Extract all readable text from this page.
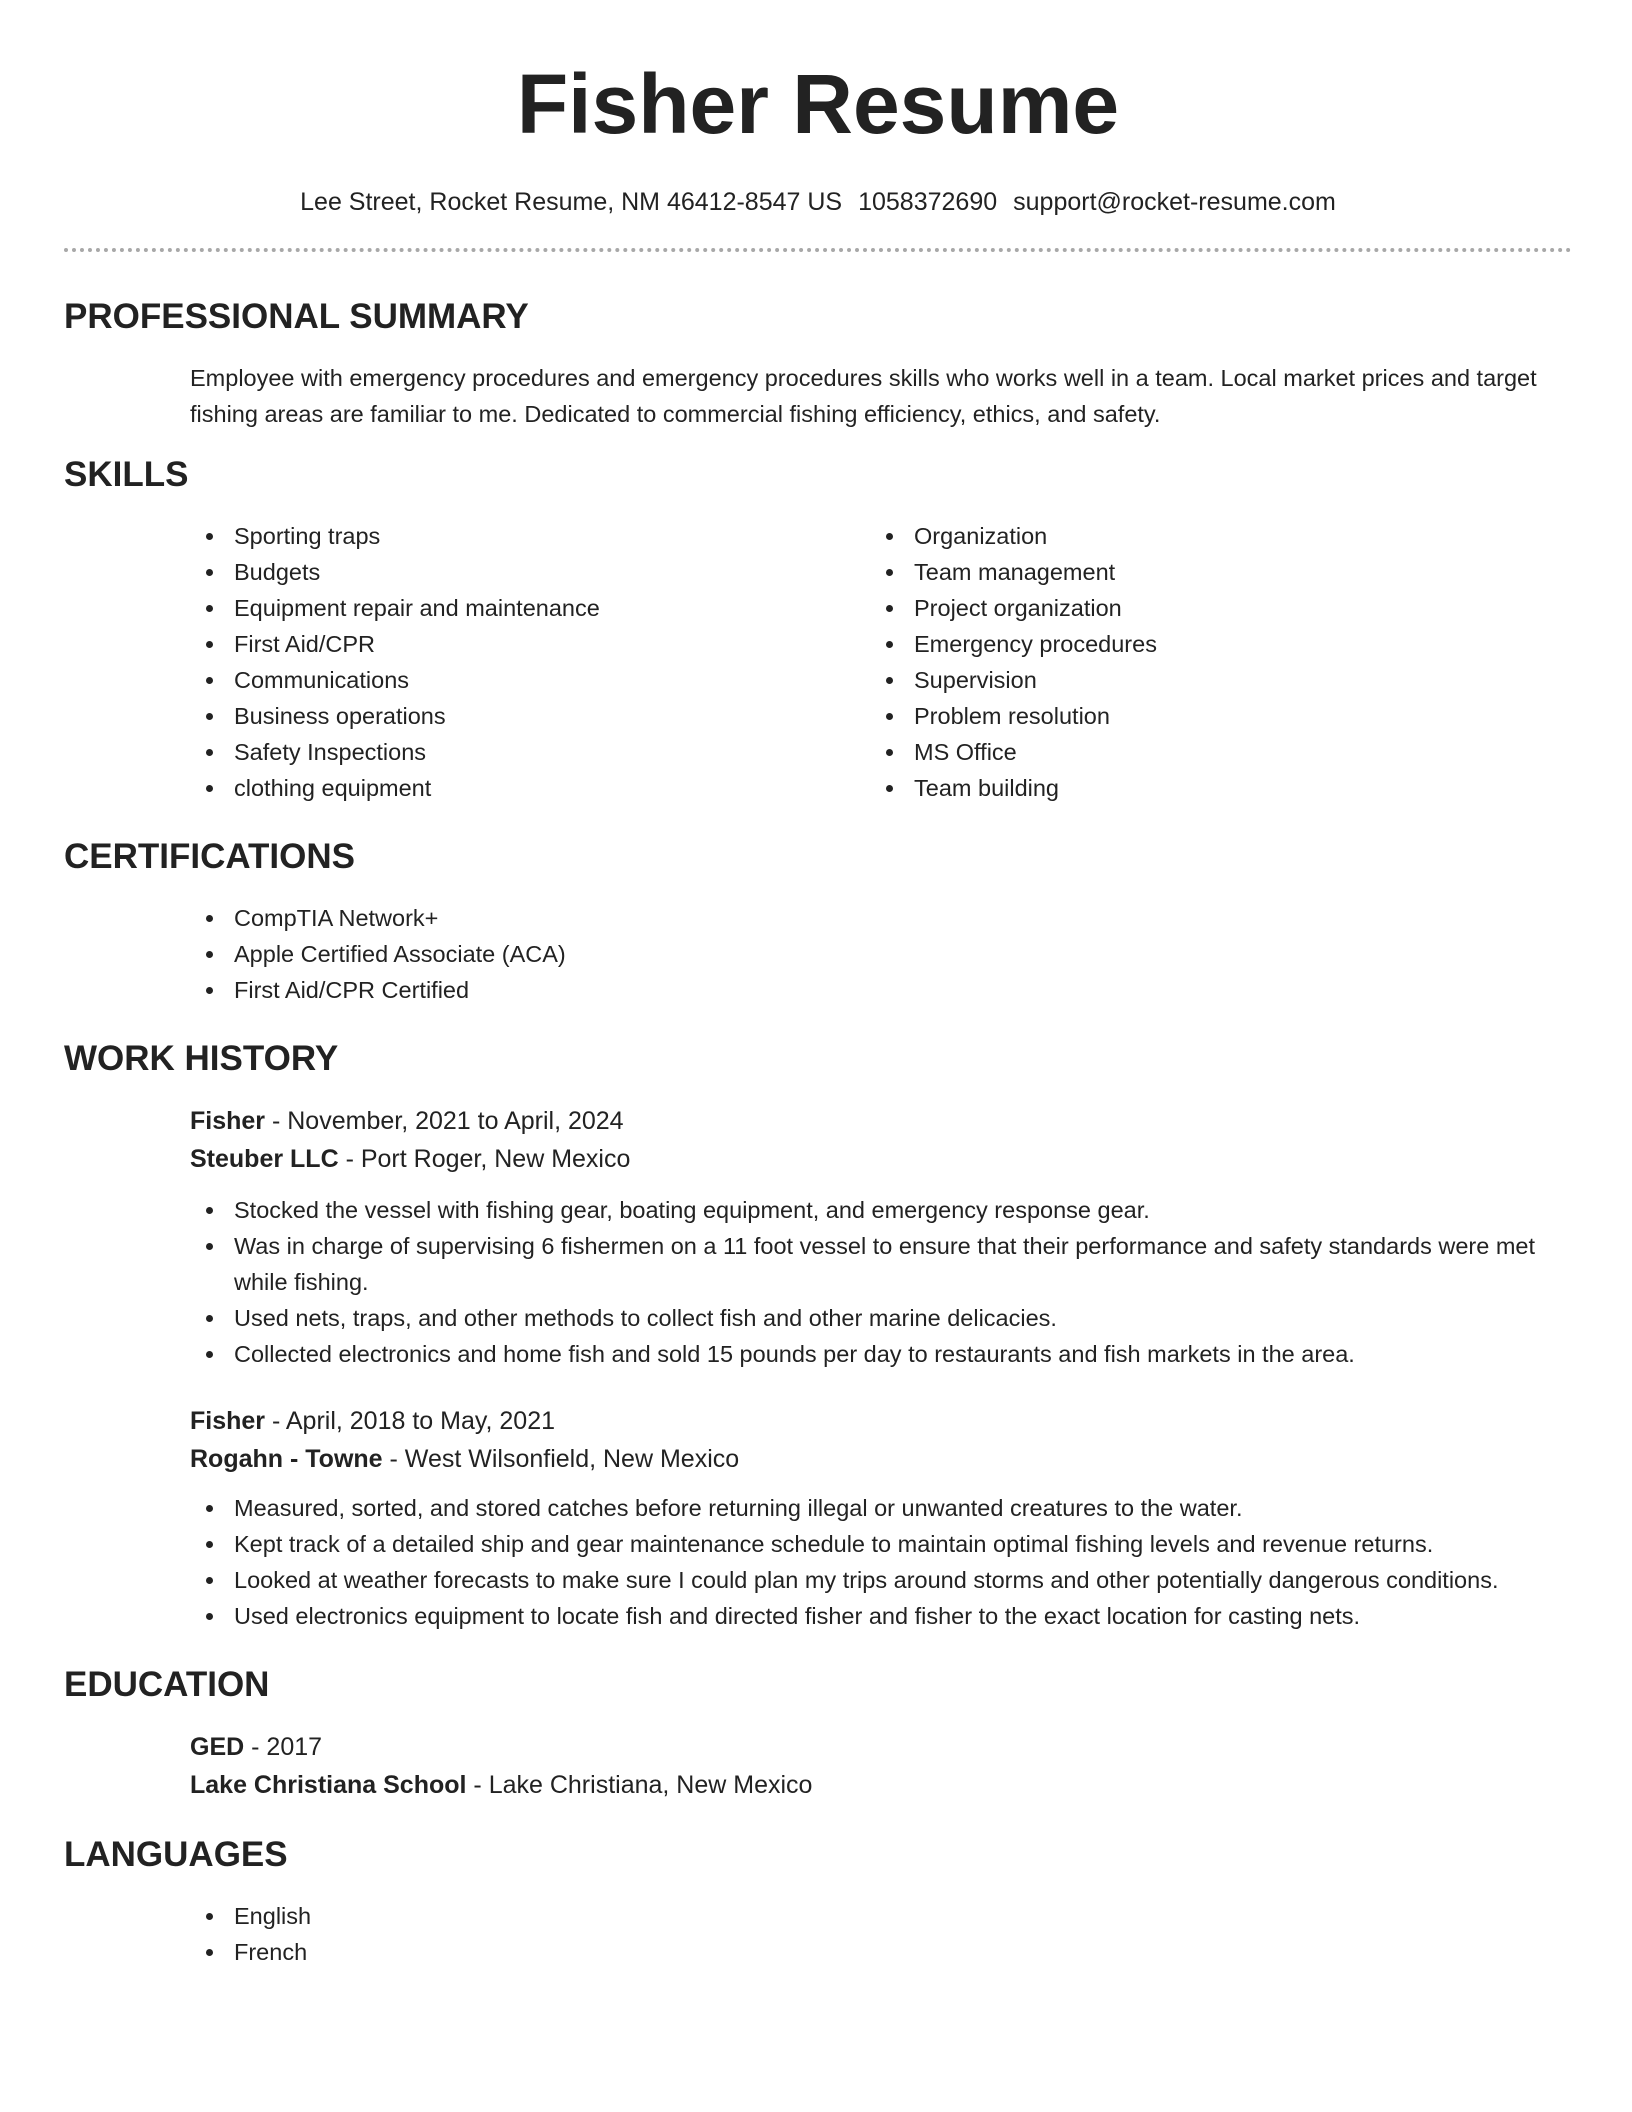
Fisher Resume
Lee Street, Rocket Resume, NM 46412-8547 US 1058372690 support@rocket-resume.com
PROFESSIONAL SUMMARY
Employee with emergency procedures and emergency procedures skills who works well in a team. Local market prices and target fishing areas are familiar to me. Dedicated to commercial fishing efficiency, ethics, and safety.
SKILLS
Sporting traps
Budgets
Equipment repair and maintenance
First Aid/CPR
Communications
Business operations
Safety Inspections
clothing equipment
Organization
Team management
Project organization
Emergency procedures
Supervision
Problem resolution
MS Office
Team building
CERTIFICATIONS
CompTIA Network+
Apple Certified Associate (ACA)
First Aid/CPR Certified
WORK HISTORY
Fisher - November, 2021 to April, 2024
Steuber LLC - Port Roger, New Mexico
Stocked the vessel with fishing gear, boating equipment, and emergency response gear.
Was in charge of supervising 6 fishermen on a 11 foot vessel to ensure that their performance and safety standards were met while fishing.
Used nets, traps, and other methods to collect fish and other marine delicacies.
Collected electronics and home fish and sold 15 pounds per day to restaurants and fish markets in the area.
Fisher - April, 2018 to May, 2021
Rogahn - Towne - West Wilsonfield, New Mexico
Measured, sorted, and stored catches before returning illegal or unwanted creatures to the water.
Kept track of a detailed ship and gear maintenance schedule to maintain optimal fishing levels and revenue returns.
Looked at weather forecasts to make sure I could plan my trips around storms and other potentially dangerous conditions.
Used electronics equipment to locate fish and directed fisher and fisher to the exact location for casting nets.
EDUCATION
GED - 2017
Lake Christiana School - Lake Christiana, New Mexico
LANGUAGES
English
French
